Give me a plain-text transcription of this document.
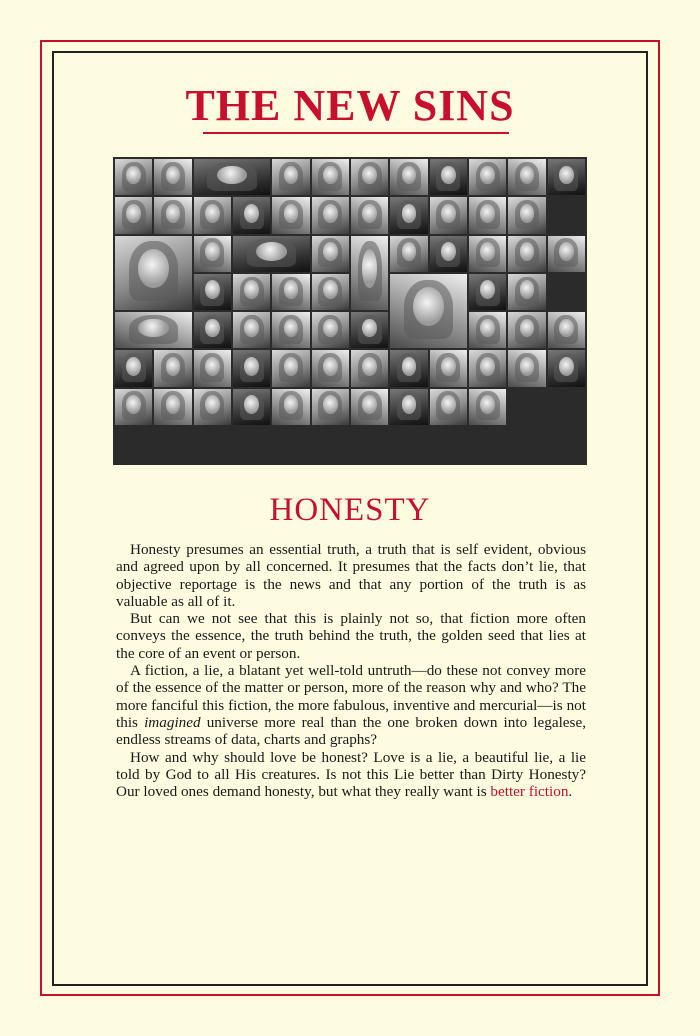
THE NEW SINS
HONESTY

Honesty presumes an essential truth, a truth that is self evident, obvious and agreed upon by all concerned. It presumes that the facts don’t lie, that objective reportage is the news and that any portion of the truth is as valuable as all of it.

But can we not see that this is plainly not so, that fiction more often conveys the essence, the truth behind the truth, the golden seed that lies at the core of an event or person.

A fiction, a lie, a blatant yet well-told untruth—do these not convey more of the essence of the matter or person, more of the reason why and who? The more fanciful this fiction, the more fabulous, inventive and mercurial—is not this imagined universe more real than the one broken down into legalese, endless streams of data, charts and graphs?

How and why should love be honest? Love is a lie, a beautiful lie, a lie told by God to all His creatures. Is not this Lie better than Dirty Honesty? Our loved ones demand honesty, but what they really want is better fiction.
